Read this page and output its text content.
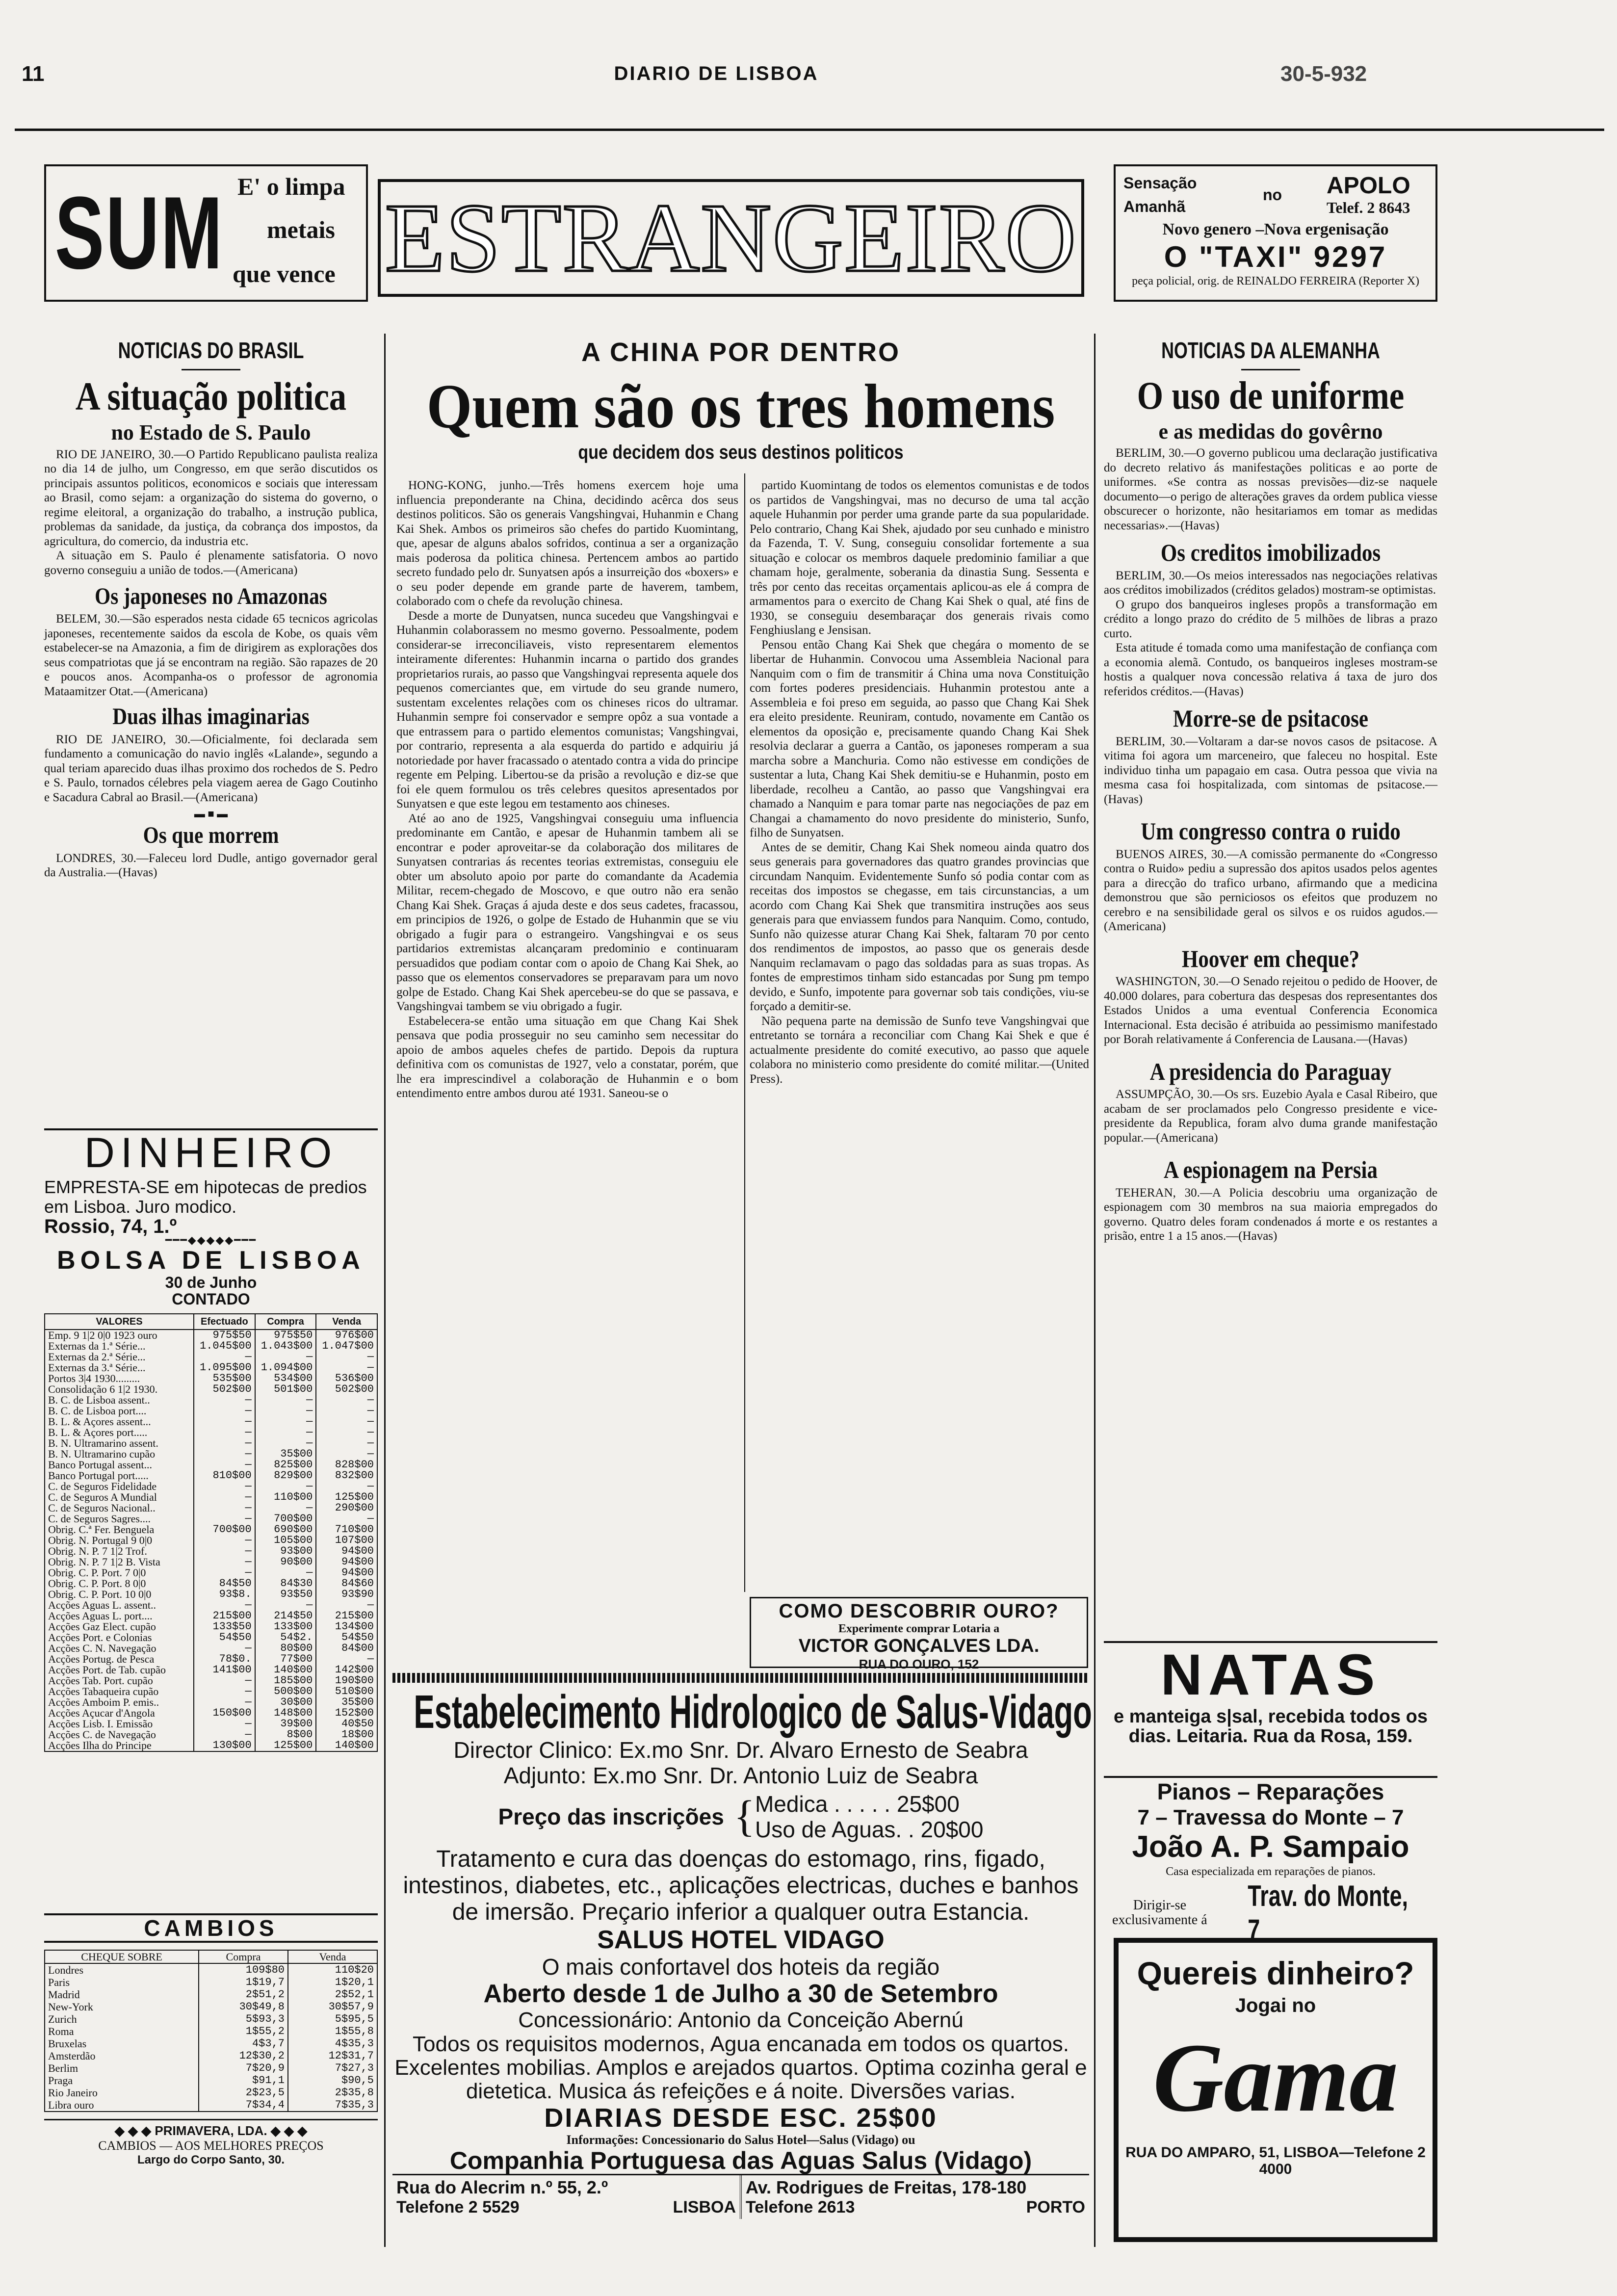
11	DIARIO DE LISBOA	30-5-932
SUM E' o limpa
metais
que vence ESTRANGEIRO
Sensação
no APOLO
Amanhã	Telef. 2 8643
Novo genero –Nova ergenisação
O "TAXI" 9297
peça policial, orig. de REINALDO FERREIRA (Reporter X)
NOTICIAS DO BRASIL
A situação politica
no Estado de S. Paulo

RIO DE JANEIRO, 30.—O Partido Republicano paulista realiza no dia 14 de julho, um Congresso, em que serão discutidos os principais assuntos politicos, economicos e sociais que interessam ao Brasil, como sejam: a organização do sistema do governo, o regime eleitoral, a organização do trabalho, a instrução publica, problemas da sanidade, da justiça, da cobrança dos impostos, da agricultura, do comercio, da industria etc.

A situação em S. Paulo é plenamente satisfatoria. O novo governo conseguiu a união de todos.—(Americana)

Os japoneses no Amazonas

BELEM, 30.—São esperados nesta cidade 65 tecnicos agricolas japoneses, recentemente saidos da escola de Kobe, os quais vêm estabelecer-se na Amazonia, a fim de dirigirem as explorações dos seus compatriotas que já se encontram na região. São rapazes de 20 e poucos anos. Acompanha-os o professor de agronomia Mataamitzer Otat.—(Americana)

Duas ilhas imaginarias

RIO DE JANEIRO, 30.—Oficialmente, foi declarada sem fundamento a comunicação do navio inglês «Lalande», segundo a qual teriam aparecido duas ilhas proximo dos rochedos de S. Pedro e S. Paulo, tornados célebres pela viagem aerea de Gago Coutinho e Sacadura Cabral ao Brasil.—(Americana)

▬ ■ ▬
Os que morrem

LONDRES, 30.—Faleceu lord Dudle, antigo governador geral da Australia.—(Havas)

DINHEIRO
EMPRESTA-SE em hipotecas de predios em Lisboa. Juro modico.
Rossio, 74, 1.º
━━━◆◆◆◆◆━━━
BOLSA DE LISBOA
30 de Junho
CONTADO
VALORES	Efectuado	Compra	Venda
Emp. 9 1|2 0|0 1923 ouro	975$50	975$50	976$00
Externas da 1.ª Série...	1.045$00	1.043$00	1.047$00
Externas da 2.ª Série...	—	—	—
Externas da 3.ª Série...	1.095$00	1.094$00	—
Portos 3|4 1930.........	535$00	534$00	536$00
Consolidação 6 1|2 1930.	502$00	501$00	502$00
B. C. de Lisboa assent..	—	—	—
B. C. de Lisboa port....	—	—	—
B. L. & Açores assent...	—	—	—
B. L. & Açores port.....	—	—	—
B. N. Ultramarino assent.	—	—	—
B. N. Ultramarino cupão	—	35$00	—
Banco Portugal assent...	—	825$00	828$00
Banco Portugal port.....	810$00	829$00	832$00
C. de Seguros Fidelidade	—	—	—
C. de Seguros A Mundial	—	110$00	125$00
C. de Seguros Nacional..	—	—	290$00
C. de Seguros Sagres....	—	700$00	—
Obrig. C.ª Fer. Benguela	700$00	690$00	710$00
Obrig. N. Portugal 9 0|0	—	105$00	107$00
Obrig. N. P. 7 1|2 Trof.	—	93$00	94$00
Obrig. N. P. 7 1|2 B. Vista	—	90$00	94$00
Obrig. C. P. Port. 7 0|0	—	—	94$00
Obrig. C. P. Port. 8 0|0	84$50	84$30	84$60
Obrig. C. P. Port. 10 0|0	93$8.	93$50	93$90
Acções Aguas L. assent..	—	—	—
Acções Aguas L. port....	215$00	214$50	215$00
Acções Gaz Elect. cupão	133$50	133$00	134$00
Acções Port. e Colonias	54$50	54$2.	54$50
Acções C. N. Navegação	—	80$00	84$00
Acções Portug. de Pesca	78$0.	77$00	—
Acções Port. de Tab. cupão	141$00	140$00	142$00
Acções Tab. Port. cupão	—	185$00	190$00
Acções Tabaqueira cupão	—	500$00	510$00
Acções Amboim P. emis..	—	30$00	35$00
Acções Açucar d'Angola	150$00	148$00	152$00
Acções Lisb. I. Emissão	—	39$00	40$50
Acções C. de Navegação	—	8$00	18$00
Acções Ilha do Principe	130$00	125$00	140$00
CAMBIOS
CHEQUE SOBRE	Compra	Venda
Londres	109$80	110$20
Paris	1$19,7	1$20,1
Madrid	2$51,2	2$52,1
New-York	30$49,8	30$57,9
Zurich	5$93,3	5$95,5
Roma	1$55,2	1$55,8
Bruxelas	4$3,7	4$35,3
Amsterdão	12$30,2	12$31,7
Berlim	7$20,9	7$27,3
Praga	$91,1	$90,5
Rio Janeiro	2$23,5	2$35,8
Libra ouro	7$34,4	7$35,3
◆ ◆ ◆ PRIMAVERA, LDA. ◆ ◆ ◆
CAMBIOS — AOS MELHORES PREÇOS
Largo do Corpo Santo, 30.
A CHINA POR DENTRO
Quem são os tres homens
que decidem dos seus destinos politicos

HONG-KONG, junho.—Três homens exercem hoje uma influencia preponderante na China, decidindo acêrca dos seus destinos politicos. São os generais Vangshingvai, Huhanmin e Chang Kai Shek. Ambos os primeiros são chefes do partido Kuomintang, que, apesar de alguns abalos sofridos, continua a ser a organização mais poderosa da politica chinesa. Pertencem ambos ao partido secreto fundado pelo dr. Sunyatsen após a insurreição dos «boxers» e o seu poder depende em grande parte de haverem, tambem, colaborado com o chefe da revolução chinesa.

Desde a morte de Dunyatsen, nunca sucedeu que Vangshingvai e Huhanmin colaborassem no mesmo governo. Pessoalmente, podem considerar-se irreconciliaveis, visto representarem elementos inteiramente diferentes: Huhanmin incarna o partido dos grandes proprietarios rurais, ao passo que Vangshingvai representa aquele dos pequenos comerciantes que, em virtude do seu grande numero, sustentam excelentes relações com os chineses ricos do ultramar. Huhanmin sempre foi conservador e sempre opôz a sua vontade a que entrassem para o partido elementos comunistas; Vangshingvai, por contrario, representa a ala esquerda do partido e adquiriu já notoriedade por haver fracassado o atentado contra a vida do principe regente em Pelping. Libertou-se da prisão a revolução e diz-se que foi ele quem formulou os três celebres quesitos apresentados por Sunyatsen e que este legou em testamento aos chineses.

Até ao ano de 1925, Vangshingvai conseguiu uma influencia predominante em Cantão, e apesar de Huhanmin tambem ali se encontrar e poder aproveitar-se da colaboração dos militares de Sunyatsen contrarias ás recentes teorias extremistas, conseguiu ele obter um absoluto apoio por parte do comandante da Academia Militar, recem-chegado de Moscovo, e que outro não era senão Chang Kai Shek. Graças á ajuda deste e dos seus cadetes, fracassou, em principios de 1926, o golpe de Estado de Huhanmin que se viu obrigado a fugir para o estrangeiro. Vangshingvai e os seus partidarios extremistas alcançaram predominio e continuaram persuadidos que podiam contar com o apoio de Chang Kai Shek, ao passo que os elementos conservadores se preparavam para um novo golpe de Estado. Chang Kai Shek apercebeu-se do que se passava, e Vangshingvai tambem se viu obrigado a fugir.

Estabelecera-se então uma situação em que Chang Kai Shek pensava que podia prosseguir no seu caminho sem necessitar do apoio de ambos aqueles chefes de partido. Depois da ruptura definitiva com os comunistas de 1927, velo a constatar, porém, que lhe era imprescindivel a colaboração de Huhanmin e o bom entendimento entre ambos durou até 1931. Saneou-se o

partido Kuomintang de todos os elementos comunistas e de todos os partidos de Vangshingvai, mas no decurso de uma tal acção aquele Huhanmin por perder uma grande parte da sua popularidade. Pelo contrario, Chang Kai Shek, ajudado por seu cunhado e ministro da Fazenda, T. V. Sung, conseguiu consolidar fortemente a sua situação e colocar os membros daquele predominio familiar a que chamam hoje, geralmente, soberania da dinastia Sung. Sessenta e três por cento das receitas orçamentais aplicou-as ele á compra de armamentos para o exercito de Chang Kai Shek o qual, até fins de 1930, se conseguiu desembaraçar dos generais rivais como Fenghiuslang e Jensisan.

Pensou então Chang Kai Shek que chegára o momento de se libertar de Huhanmin. Convocou uma Assembleia Nacional para Nanquim com o fim de transmitir á China uma nova Constituição com fortes poderes presidenciais. Huhanmin protestou ante a Assembleia e foi preso em seguida, ao passo que Chang Kai Shek era eleito presidente. Reuniram, contudo, novamente em Cantão os elementos da oposição e, precisamente quando Chang Kai Shek resolvia declarar a guerra a Cantão, os japoneses romperam a sua marcha sobre a Manchuria. Como não estivesse em condições de sustentar a luta, Chang Kai Shek demitiu-se e Huhanmin, posto em liberdade, recolheu a Cantão, ao passo que Vangshingvai era chamado a Nanquim e para tomar parte nas negociações de paz em Changai a chamamento do novo presidente do ministerio, Sunfo, filho de Sunyatsen.

Antes de se demitir, Chang Kai Shek nomeou ainda quatro dos seus generais para governadores das quatro grandes provincias que circundam Nanquim. Evidentemente Sunfo só podia contar com as receitas dos impostos se chegasse, em tais circunstancias, a um acordo com Chang Kai Shek que transmitira instruções aos seus generais para que enviassem fundos para Nanquim. Como, contudo, Sunfo não quizesse aturar Chang Kai Shek, faltaram 70 por cento dos rendimentos de impostos, ao passo que os generais desde Nanquim reclamavam o pago das soldadas para as suas tropas. As fontes de emprestimos tinham sido estancadas por Sung pm tempo devido, e Sunfo, impotente para governar sob tais condições, viu-se forçado a demitir-se.

Não pequena parte na demissão de Sunfo teve Vangshingvai que entretanto se tornára a reconciliar com Chang Kai Shek e que é actualmente presidente do comité executivo, ao passo que aquele colabora no ministerio como presidente do comité militar.—(United Press).

COMO DESCOBRIR OURO?
Experimente comprar Lotaria a
VICTOR GONÇALVES LDA.
RUA DO OURO, 152
Estabelecimento Hidrologico de Salus-Vidago
Director Clinico: Ex.mo Snr. Dr. Alvaro Ernesto de Seabra
Adjunto: Ex.mo Snr. Dr. Antonio Luiz de Seabra
Preço das inscrições { Medica . . . . . 25$00
Uso de Aguas. . 20$00
Tratamento e cura das doenças do estomago, rins, figado, intestinos, diabetes, etc., aplicações electricas, duches e banhos de imersão. Preçario inferior a qualquer outra Estancia.
SALUS HOTEL VIDAGO
O mais confortavel dos hoteis da região
Aberto desde 1 de Julho a 30 de Setembro
Concessionário: Antonio da Conceição Abernú
Todos os requisitos modernos, Agua encanada em todos os quartos. Excelentes mobilias. Amplos e arejados quartos. Optima cozinha geral e dietetica. Musica ás refeições e á noite. Diversões varias.
DIARIAS DESDE ESC. 25$00
Informações: Concessionario do Salus Hotel—Salus (Vidago) ou
Companhia Portuguesa das Aguas Salus (Vidago)
Rua do Alecrim n.º 55, 2.º
Telefone 2 5529	LISBOA
Av. Rodrigues de Freitas, 178-180
Telefone 2613	PORTO
NOTICIAS DA ALEMANHA
O uso de uniforme
e as medidas do govêrno

BERLIM, 30.—O governo publicou uma declaração justificativa do decreto relativo ás manifestações politicas e ao porte de uniformes. «Se contra as nossas previsões—diz-se naquele documento—o perigo de alterações graves da ordem publica viesse obscurecer o horizonte, não hesitariamos em tomar as medidas necessarias».—(Havas)

Os creditos imobilizados

BERLIM, 30.—Os meios interessados nas negociações relativas aos créditos imobilizados (créditos gelados) mostram-se optimistas.

O grupo dos banqueiros ingleses propôs a transformação em crédito a longo prazo do crédito de 5 milhões de libras a prazo curto.

Esta atitude é tomada como uma manifestação de confiança com a economia alemã. Contudo, os banqueiros ingleses mostram-se hostis a qualquer nova concessão relativa á taxa de juro dos referidos créditos.—(Havas)

Morre-se de psitacose

BERLIM, 30.—Voltaram a dar-se novos casos de psitacose. A vitima foi agora um marceneiro, que faleceu no hospital. Este individuo tinha um papagaio em casa. Outra pessoa que vivia na mesma casa foi hospitalizada, com sintomas de psitacose.—(Havas)

Um congresso contra o ruido

BUENOS AIRES, 30.—A comissão permanente do «Congresso contra o Ruido» pediu a supressão dos apitos usados pelos agentes para a direcção do trafico urbano, afirmando que a medicina demonstrou que são perniciosos os efeitos que produzem no cerebro e na sensibilidade geral os silvos e os ruidos agudos.—(Americana)

Hoover em cheque?

WASHINGTON, 30.—O Senado rejeitou o pedido de Hoover, de 40.000 dolares, para cobertura das despesas dos representantes dos Estados Unidos a uma eventual Conferencia Economica Internacional. Esta decisão é atribuida ao pessimismo manifestado por Borah relativamente á Conferencia de Lausana.—(Havas)

A presidencia do Paraguay

ASSUMPÇÃO, 30.—Os srs. Euzebio Ayala e Casal Ribeiro, que acabam de ser proclamados pelo Congresso presidente e vice-presidente da Republica, foram alvo duma grande manifestação popular.—(Americana)

A espionagem na Persia

TEHERAN, 30.—A Policia descobriu uma organização de espionagem com 30 membros na sua maioria empregados do governo. Quatro deles foram condenados á morte e os restantes a prisão, entre 1 a 15 anos.—(Havas)

NATAS
e manteiga s|sal, recebida todos os dias. Leitaria. Rua da Rosa, 159.
Pianos – Reparações
7 – Travessa do Monte – 7
João A. P. Sampaio
Casa especializada em reparações de pianos.
Dirigir-se exclusivamente á
Trav. do Monte, 7
Quereis dinheiro?
Jogai no
Gama
RUA DO AMPARO, 51, LISBOA—Telefone 2 4000
